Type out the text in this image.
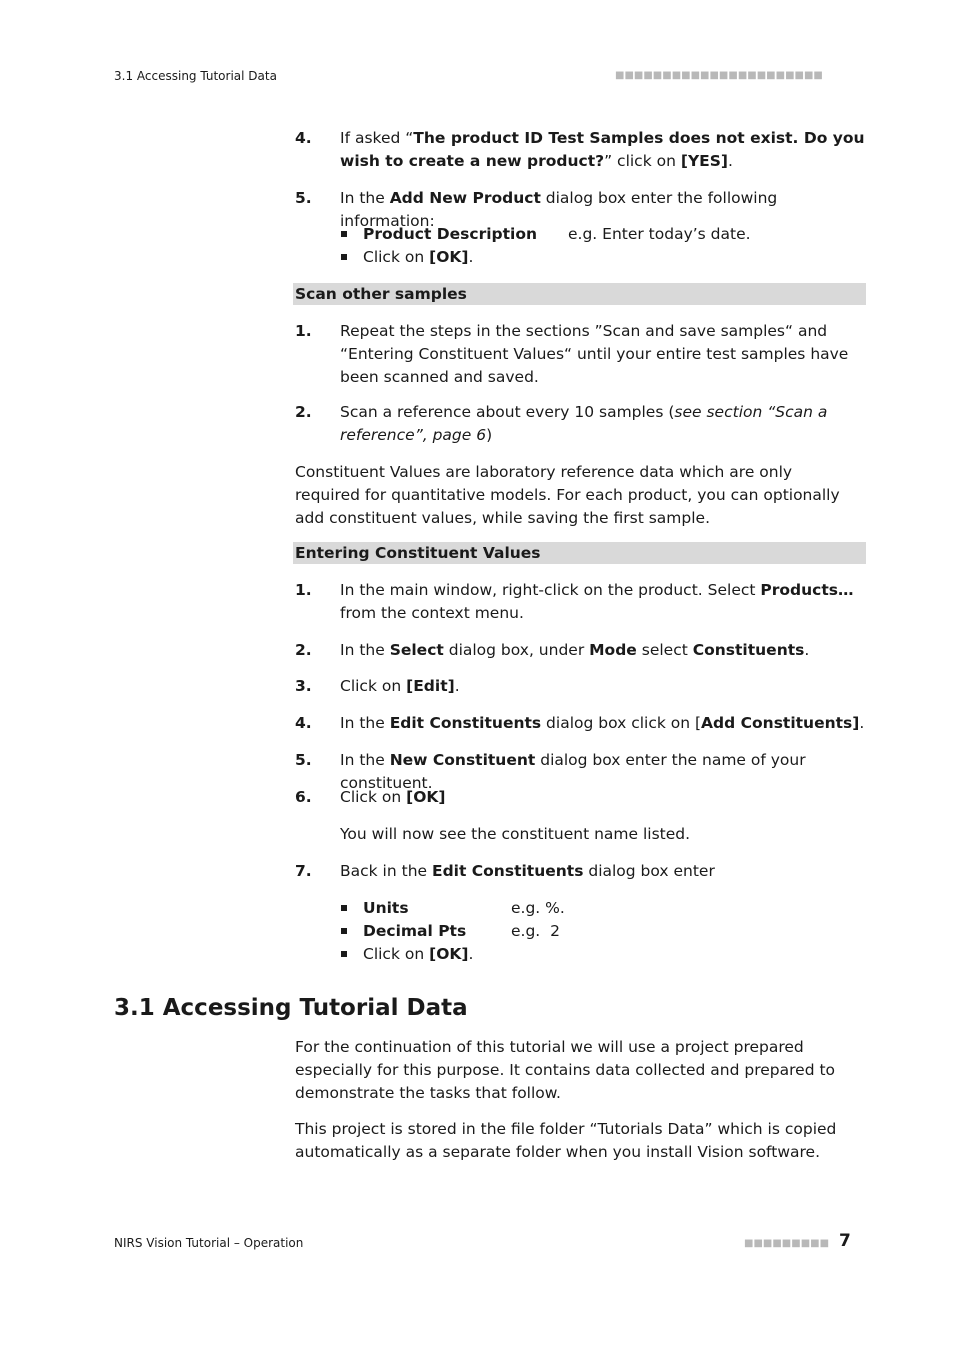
3.1 Accessing Tutorial Data	■■■■■■■■■■■■■■■■■■■■■■
4. If asked “The product ID Test Samples does not exist. Do you wish to create a new product?” click on [YES].
5. In the Add New Product dialog box enter the following information:
Product Description e.g. Enter today’s date.
Click on [OK].
Scan other samples
1. Repeat the steps in the sections ”Scan and save samples“ and “Entering Constituent Values“ until your entire test samples have been scanned and saved.
2. Scan a reference about every 10 samples (see section “Scan a reference”, page 6)
Constituent Values are laboratory reference data which are only required for quantitative models. For each product, you can optionally add constituent values, while saving the first sample.
Entering Constituent Values
1. In the main window, right-click on the product. Select Products… from the context menu.
2. In the Select dialog box, under Mode select Constituents.
3. Click on [Edit].
4. In the Edit Constituents dialog box click on [Add Constituents].
5. In the New Constituent dialog box enter the name of your constituent.
6. Click on [OK]
You will now see the constituent name listed.
7. Back in the Edit Constituents dialog box enter
Units	e.g. %.
Decimal Pts	e.g.  2
Click on [OK].
3.1 Accessing Tutorial Data
For the continuation of this tutorial we will use a project prepared especially for this purpose. It contains data collected and prepared to demonstrate the tasks that follow.
This project is stored in the file folder “Tutorials Data” which is copied automatically as a separate folder when you install Vision software.
NIRS Vision Tutorial – Operation	■■■■■■■■■ 7
